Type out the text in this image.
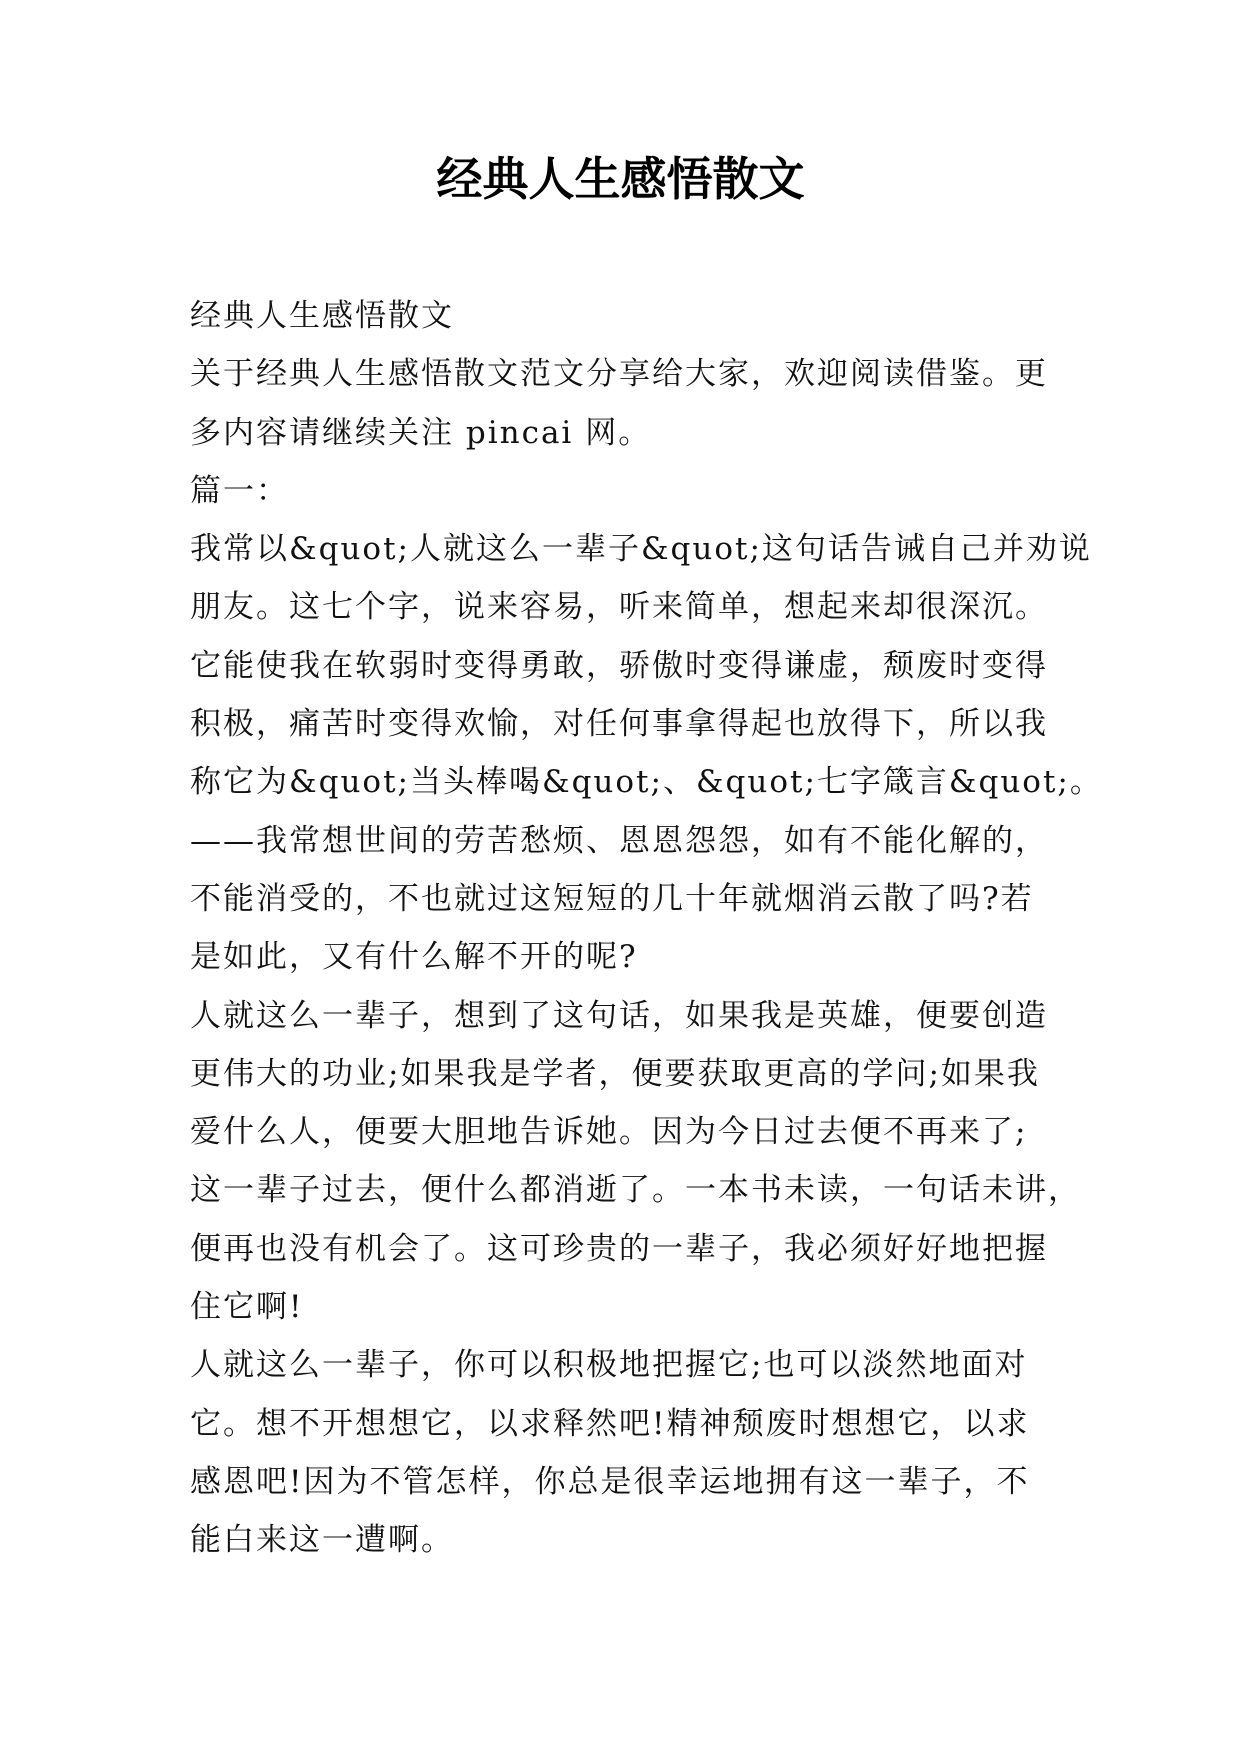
经典人生感悟散文
经典人生感悟散文
关于经典人生感悟散文范文分享给大家，欢迎阅读借鉴。更
多内容请继续关注 pincai 网。
篇一：
我常以&quot;人就这么一辈子&quot;这句话告诫自己并劝说
朋友。这七个字，说来容易，听来简单，想起来却很深沉。
它能使我在软弱时变得勇敢，骄傲时变得谦虚，颓废时变得
积极，痛苦时变得欢愉，对任何事拿得起也放得下，所以我
称它为&quot;当头棒喝&quot;、&quot;七字箴言&quot;。
——我常想世间的劳苦愁烦、恩恩怨怨，如有不能化解的，
不能消受的，不也就过这短短的几十年就烟消云散了吗?若
是如此，又有什么解不开的呢?
人就这么一辈子，想到了这句话，如果我是英雄，便要创造
更伟大的功业;如果我是学者，便要获取更高的学问;如果我
爱什么人，便要大胆地告诉她。因为今日过去便不再来了;
这一辈子过去，便什么都消逝了。一本书未读，一句话未讲，
便再也没有机会了。这可珍贵的一辈子，我必须好好地把握
住它啊!
人就这么一辈子，你可以积极地把握它;也可以淡然地面对
它。想不开想想它，以求释然吧!精神颓废时想想它，以求
感恩吧!因为不管怎样，你总是很幸运地拥有这一辈子，不
能白来这一遭啊。
